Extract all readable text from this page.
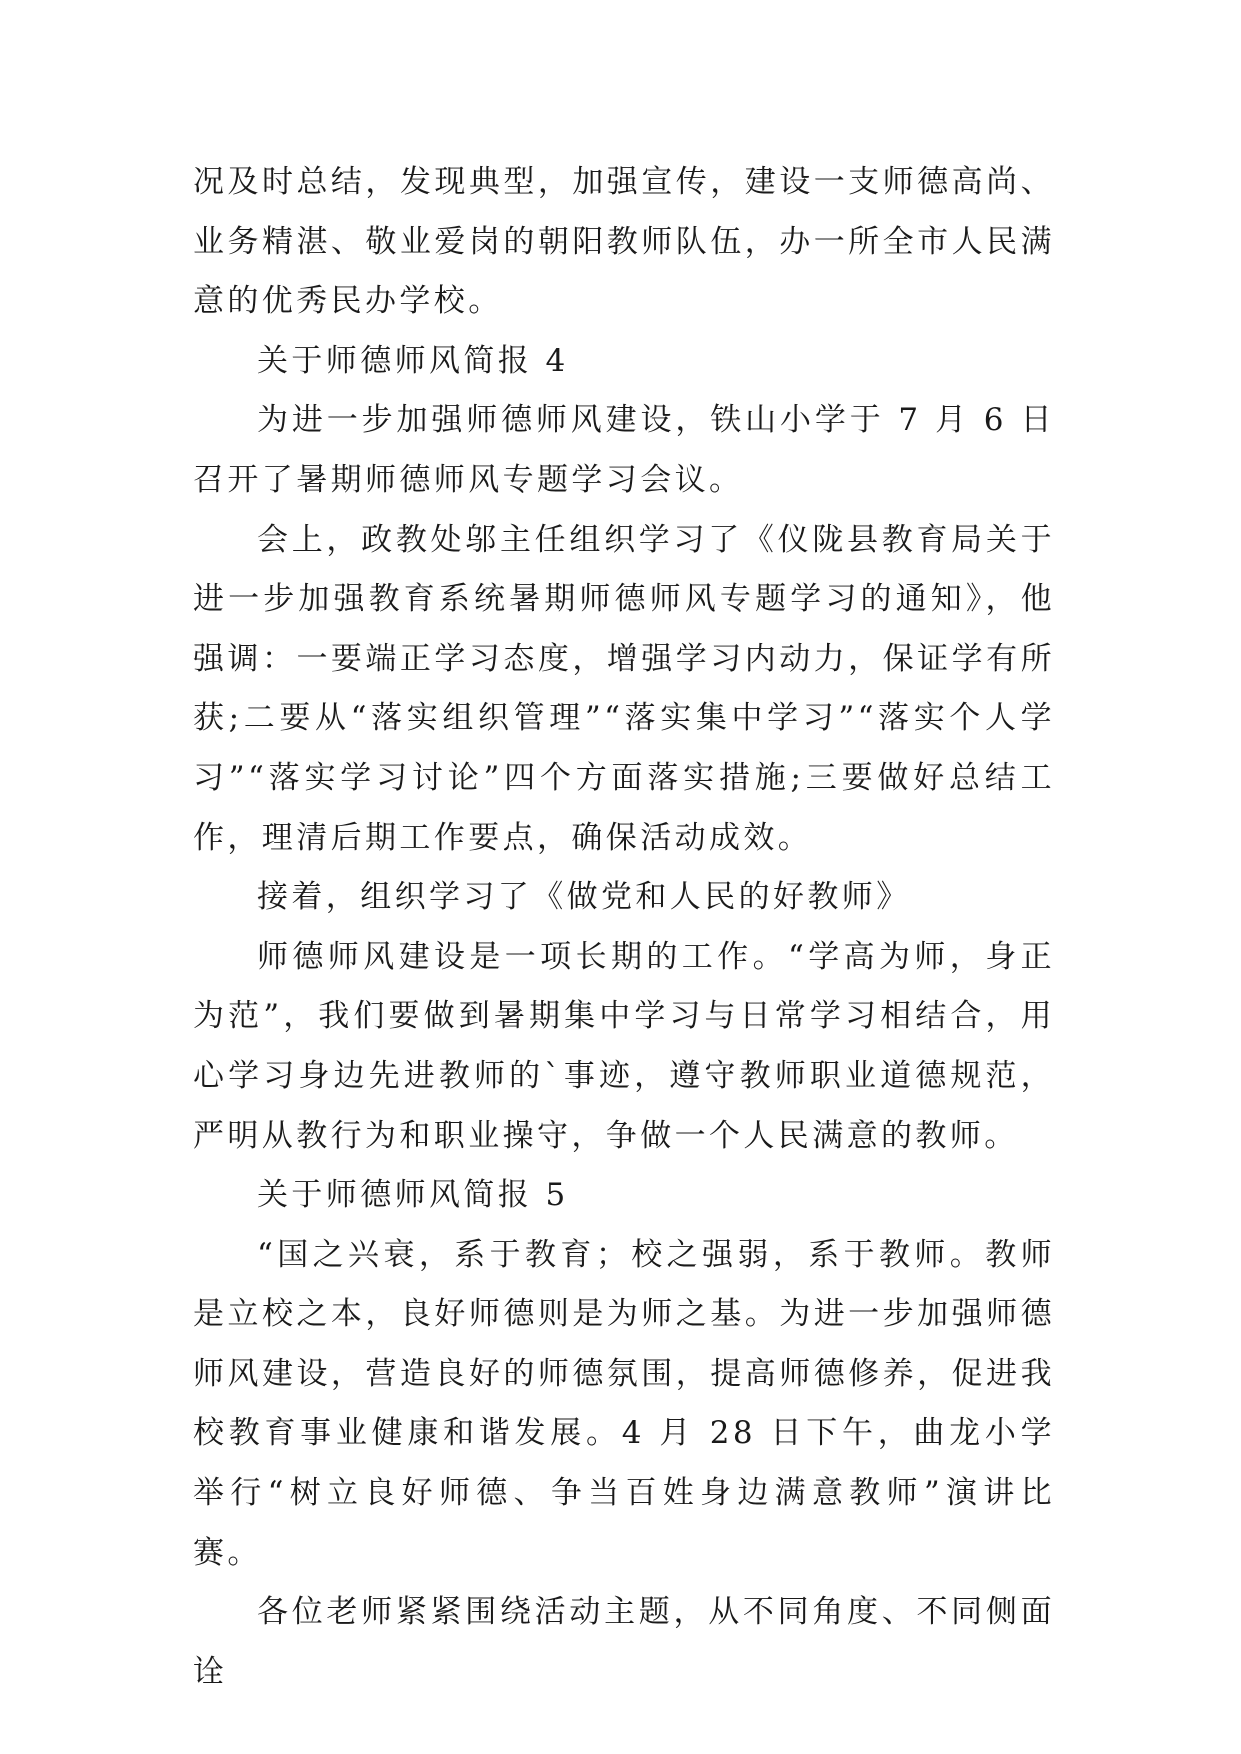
况及时总结，发现典型，加强宣传，建设一支师德高尚、业务精湛、敬业爱岗的朝阳教师队伍，办一所全市人民满意的优秀民办学校。

关于师德师风简报 4

为进一步加强师德师风建设，铁山小学于 7 月 6 日召开了暑期师德师风专题学习会议。

会上，政教处邬主任组织学习了《仪陇县教育局关于进一步加强教育系统暑期师德师风专题学习的通知》，他强调：一要端正学习态度，增强学习内动力，保证学有所获;二要从“落实组织管理”“落实集中学习”“落实个人学习”“落实学习讨论”四个方面落实措施;三要做好总结工作，理清后期工作要点，确保活动成效。

接着，组织学习了《做党和人民的好教师》

师德师风建设是一项长期的工作。“学高为师，身正为范”，我们要做到暑期集中学习与日常学习相结合，用心学习身边先进教师的`事迹，遵守教师职业道德规范，严明从教行为和职业操守，争做一个人民满意的教师。

关于师德师风简报 5

“国之兴衰，系于教育；校之强弱，系于教师。教师是立校之本，良好师德则是为师之基。为进一步加强师德师风建设，营造良好的师德氛围，提高师德修养，促进我校教育事业健康和谐发展。4 月 28 日下午，曲龙小学举行“树立良好师德、争当百姓身边满意教师”演讲比赛。

各位老师紧紧围绕活动主题，从不同角度、不同侧面诠
